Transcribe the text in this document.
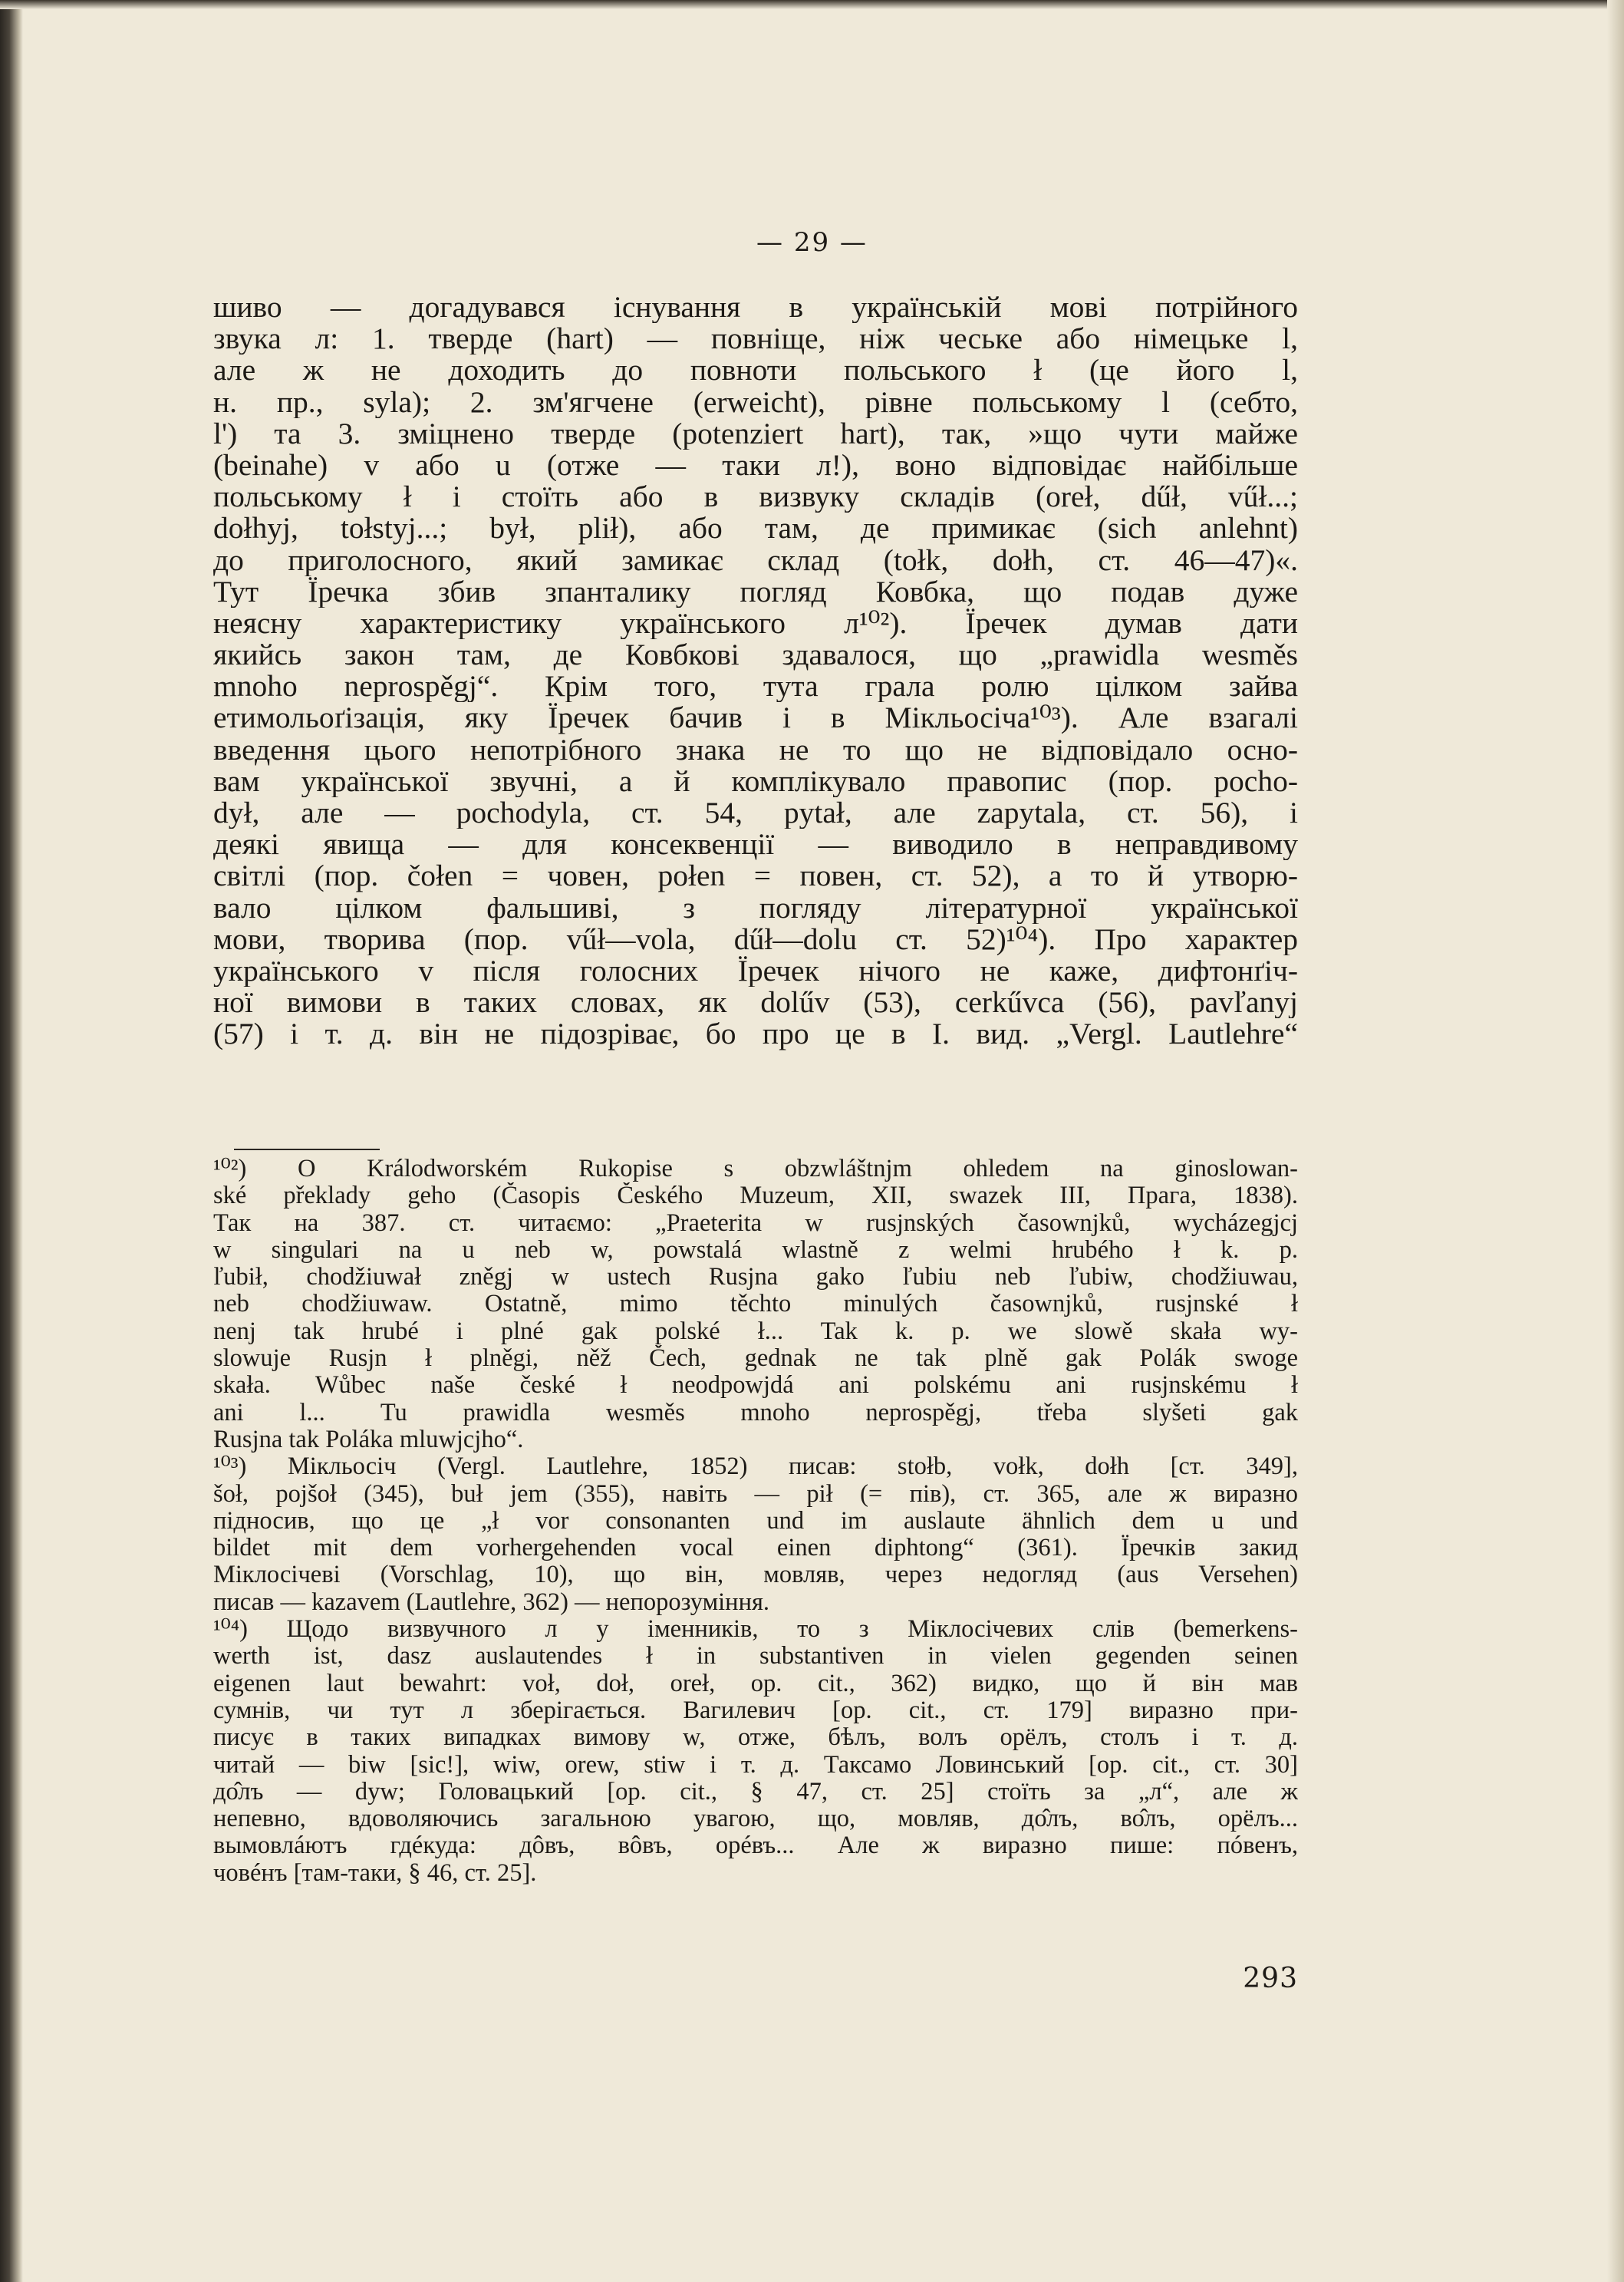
— 29 —
шиво — догадувався існування в українській мові потрійного
звука л: 1. тверде (hart) — повніще, ніж чеське або німецьке l,
але ж не доходить до повноти польського ł (це його l,
н. пр., syla); 2. зм'ягчене (erweicht), рівне польському l (себто,
l') та 3. зміцнено тверде (potenziert hart), так, »що чути майже
(beinahe) v або u (отже — таки л!), воно відповідає найбільше
польському ł і стоїть або в визвуку складів (oreł, dűł, vűł...;
dołhyj, tołstyj...; był, plił), або там, де примикає (sich anlehnt)
до приголосного, який замикає склад (tołk, dołh, ст. 46—47)«.
Тут Їречка збив зпанталику погляд Ковбка, що подав дуже
неясну характеристику українського л¹⁰²). Їречек думав дати
якийсь закон там, де Ковбкові здавалося, що „prawidla wesměs
mnoho neprospěgj“. Крім того, тута грала ролю цілком зайва
етимольоґізація, яку Їречек бачив і в Мікльосіча¹⁰³). Але взагалі
введення цього непотрібного знака не то що не відповідало осно-
вам української звучні, а й комплікувало правопис (пор. pocho-
dył, але — pochodyla, ст. 54, pytał, але zapytala, ст. 56), і
деякі явища — для консеквенції — виводило в неправдивому
світлі (пор. čołen = човен, połen = повен, ст. 52), а то й утворю-
вало цілком фальшиві, з погляду літературної української
мови, творива (пор. vűł—vola, dűł—dolu ст. 52)¹⁰⁴). Про характер
українського v після голосних Їречек нічого не каже, дифтонґіч-
ної вимови в таких словах, як dolűv (53), cerkűvca (56), pavľanyj
(57) і т. д. він не підозріває, бо про це в І. вид. „Vergl. Lautlehre“
¹⁰²) O Králodworském Rukopise s obzwláštnjm ohledem na ginoslowan-
ské překlady geho (Časopis Českého Muzeum, XII, swazek III, Прага, 1838).
Так на 387. ст. читаємо: „Praeterita w rusjnských časownjků, wycházegjcj
w singulari na u neb w, powstalá wlastně z welmi hrubého ł k. p.
ľubił, chodžiuwał zněgj w ustech Rusjna gako ľubiu neb ľubiw, chodžiuwau,
neb chodžiuwaw. Ostatně, mimo těchto minulých časownjků, rusjnské ł
nenj tak hrubé i plné gak polské ł... Tak k. p. we slowě skała wy-
slowuje Rusjn ł plněgi, něž Čech, gednak ne tak plně gak Polák swoge
skała. Wůbec naše české ł neodpowjdá ani polskému ani rusjnskému ł
ani l... Tu prawidla wesměs mnoho neprospěgj, třeba slyšeti gak
Rusjna tak Poláka mluwjcjho“.
¹⁰³) Мікльосіч (Vergl. Lautlehre, 1852) писав: stołb, vołk, dołh [ст. 349],
šoł, pojšoł (345), buł jem (355), навіть — pił (= пів), ст. 365, але ж виразно
підносив, що це „ł vor consonanten und im auslaute ähnlich dem u und
bildet mit dem vorhergehenden vocal einen diphtong“ (361). Їречків закид
Міклосічеві (Vorschlag, 10), що він, мовляв, через недогляд (aus Versehen)
писав — kazavem (Lautlehre, 362) — непорозуміння.
¹⁰⁴) Щодо визвучного л у іменників, то з Міклосічевих слів (bemerkens-
werth ist, dasz auslautendes ł in substantiven in vielen gegenden seinen
eigenen laut bewahrt: voł, doł, oreł, op. cit., 362) видко, що й він мав
сумнів, чи тут л зберігається. Вагилевич [op. cit., ст. 179] виразно при-
писує в таких випадках вимову w, отже, бѣлъ, волъ орёлъ, столъ і т. д.
читай — biw [sic!], wiw, orew, stiw і т. д. Таксамо Ловинський [op. cit., ст. 30]
до̂лъ — dyw; Головацький [op. cit., § 47, ст. 25] стоїть за „л“, але ж
непевно, вдоволяючись загальною увагою, що, мовляв, до̂лъ, во̂лъ, орёлъ...
вымовлáютъ гдéкуда: дôвъ, вôвъ, орéвъ... Але ж виразно пише: пóвенъ,
човéнъ [там-таки, § 46, ст. 25].
293
